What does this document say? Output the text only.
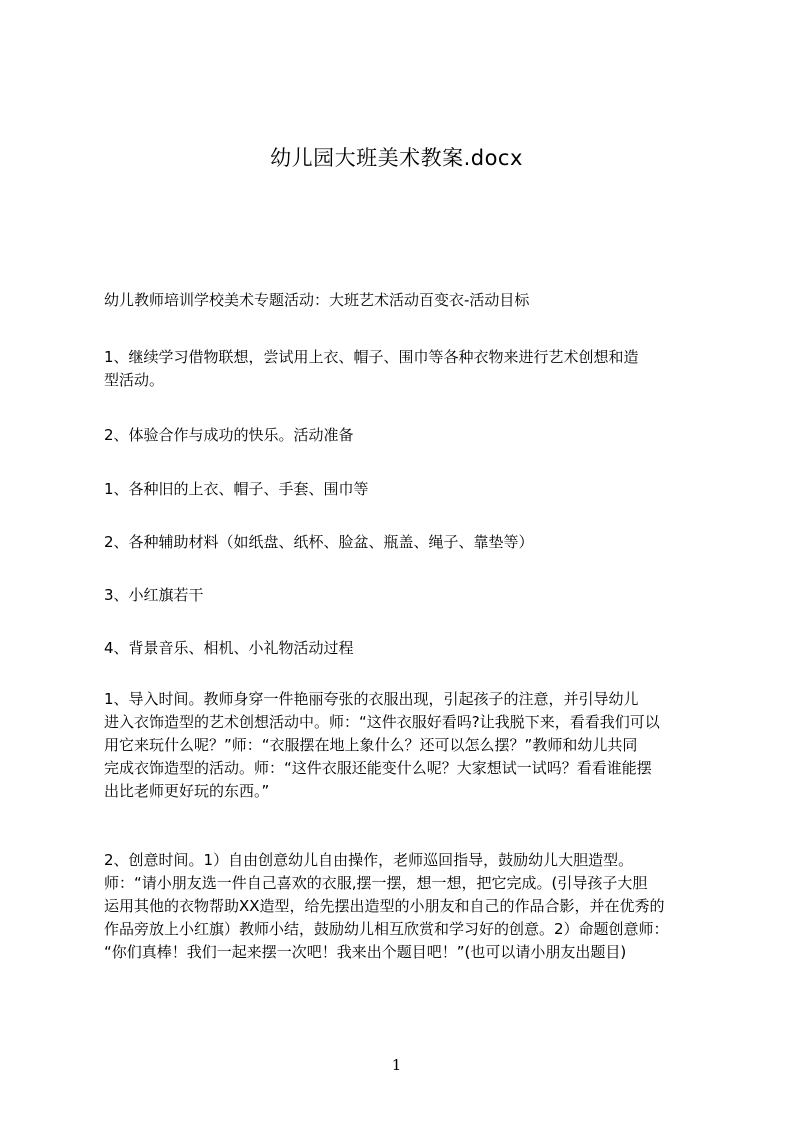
幼儿园大班美术教案.docx
幼儿教师培训学校美术专题活动：大班艺术活动百变衣-活动目标
1、继续学习借物联想，尝试用上衣、帽子、围巾等各种衣物来进行艺术创想和造
型活动。
2、体验合作与成功的快乐。活动准备
1、各种旧的上衣、帽子、手套、围巾等
2、各种辅助材料（如纸盘、纸杯、脸盆、瓶盖、绳子、靠垫等）
3、小红旗若干
4、背景音乐、相机、小礼物活动过程
1、导入时间。教师身穿一件艳丽夸张的衣服出现，引起孩子的注意，并引导幼儿
进入衣饰造型的艺术创想活动中。师：“这件衣服好看吗?让我脱下来，看看我们可以
用它来玩什么呢？”师：“衣服摆在地上象什么？还可以怎么摆？”教师和幼儿共同
完成衣饰造型的活动。师：“这件衣服还能变什么呢？大家想试一试吗？看看谁能摆
出比老师更好玩的东西。”
2、创意时间。1）自由创意幼儿自由操作，老师巡回指导，鼓励幼儿大胆造型。
师：“请小朋友选一件自己喜欢的衣服,摆一摆，想一想，把它完成。(引导孩子大胆
运用其他的衣物帮助XX造型，给先摆出造型的小朋友和自己的作品合影，并在优秀的
作品旁放上小红旗）教师小结，鼓励幼儿相互欣赏和学习好的创意。2）命题创意师：
“你们真棒！我们一起来摆一次吧！我来出个题目吧！”(也可以请小朋友出题目)
1
